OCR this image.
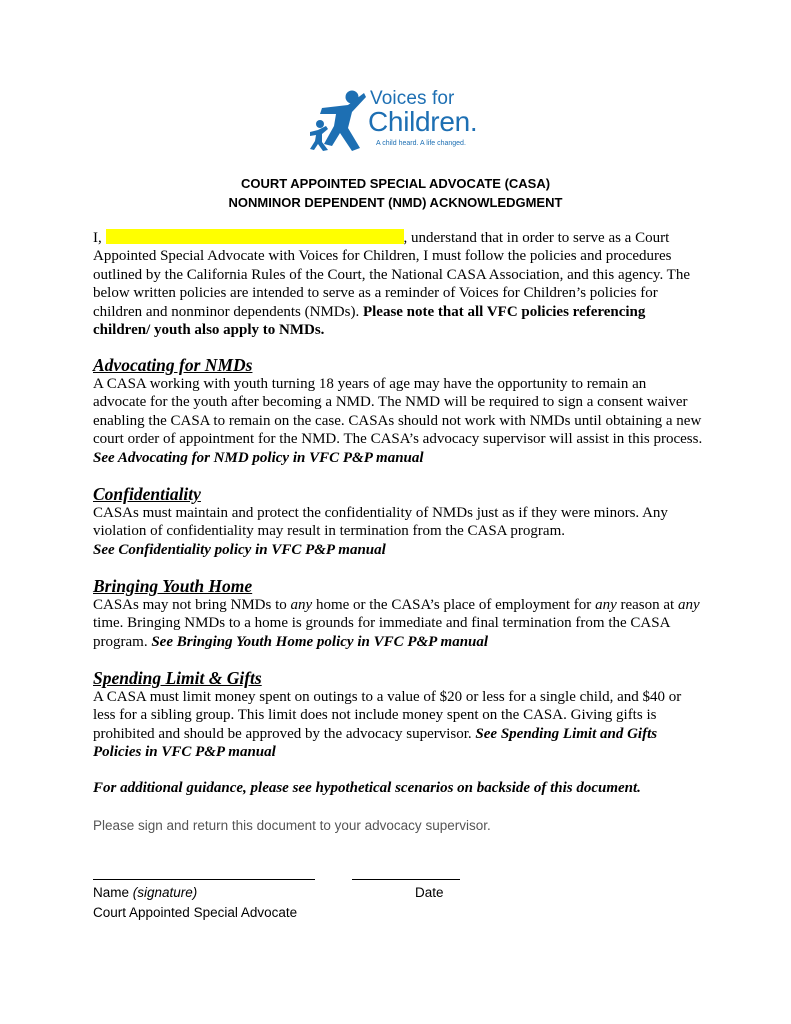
Voices for
Children.
A child heard. A life changed.
COURT APPOINTED SPECIAL ADVOCATE (CASA)
NONMINOR DEPENDENT (NMD) ACKNOWLEDGMENT
I,	, understand that in order to serve as a Court Appointed Special Advocate with Voices for Children, I must follow the policies and procedures outlined by the California Rules of the Court, the National CASA Association, and this agency. The below written policies are intended to serve as a reminder of Voices for Children’s policies for children and nonminor dependents (NMDs). Please note that all VFC policies referencing children/ youth also apply to NMDs.
Advocating for NMDs
A CASA working with youth turning 18 years of age may have the opportunity to remain an advocate for the youth after becoming a NMD. The NMD will be required to sign a consent waiver enabling the CASA to remain on the case. CASAs should not work with NMDs until obtaining a new court order of appointment for the NMD. The CASA’s advocacy supervisor will assist in this process. See Advocating for NMD policy in VFC P&P manual
Confidentiality
CASAs must maintain and protect the confidentiality of NMDs just as if they were minors. Any violation of confidentiality may result in termination from the CASA program.
See Confidentiality policy in VFC P&P manual
Bringing Youth Home
CASAs may not bring NMDs to any home or the CASA’s place of employment for any reason at any time. Bringing NMDs to a home is grounds for immediate and final termination from the CASA program. See Bringing Youth Home policy in VFC P&P manual
Spending Limit & Gifts
A CASA must limit money spent on outings to a value of $20 or less for a single child, and $40 or less for a sibling group. This limit does not include money spent on the CASA. Giving gifts is prohibited and should be approved by the advocacy supervisor. See Spending Limit and Gifts Policies in VFC P&P manual
For additional guidance, please see hypothetical scenarios on backside of this document.
Please sign and return this document to your advocacy supervisor.
Name (signature)	Date
Court Appointed Special Advocate
